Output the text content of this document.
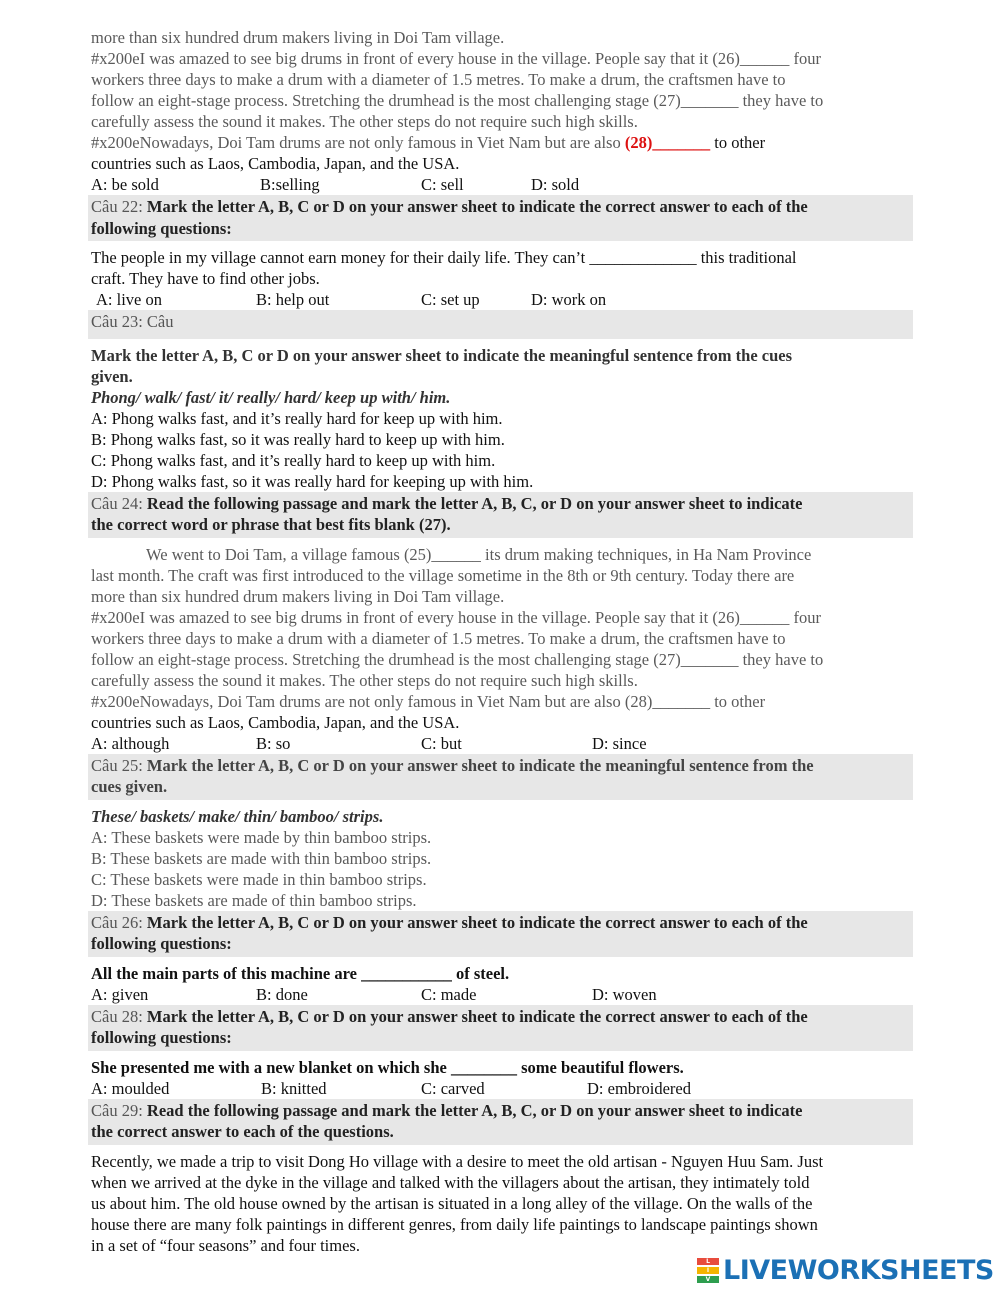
more than six hundred drum makers living in Doi Tam village.
#x200eI was amazed to see big drums in front of every house in the village. People say that it (26)______ four
workers three days to make a drum with a diameter of 1.5 metres. To make a drum, the craftsmen have to
follow an eight-stage process. Stretching the drumhead is the most challenging stage (27)_______ they have to
carefully assess the sound it makes. The other steps do not require such high skills.
#x200eNowadays, Doi Tam drums are not only famous in Viet Nam but are also (28)_______ to other
countries such as Laos, Cambodia, Japan, and the USA.
A: be sold	B:selling	C: sell	D: sold
Câu 22: Mark the letter A, B, C or D on your answer sheet to indicate the correct answer to each of the
following questions:
The people in my village cannot earn money for their daily life. They can’t _____________ this traditional
craft. They have to find other jobs.
A: live on	B: help out	C: set up	D: work on
Câu 23: Câu
Mark the letter A, B, C or D on your answer sheet to indicate the meaningful sentence from the cues
given.
Phong/ walk/ fast/ it/ really/ hard/ keep up with/ him.
A: Phong walks fast, and it’s really hard for keep up with him.
B: Phong walks fast, so it was really hard to keep up with him.
C: Phong walks fast, and it’s really hard to keep up with him.
D: Phong walks fast, so it was really hard for keeping up with him.
Câu 24: Read the following passage and mark the letter A, B, C, or D on your answer sheet to indicate
the correct word or phrase that best fits blank (27).
We went to Doi Tam, a village famous (25)______ its drum making techniques, in Ha Nam Province
last month. The craft was first introduced to the village sometime in the 8th or 9th century. Today there are
more than six hundred drum makers living in Doi Tam village.
#x200eI was amazed to see big drums in front of every house in the village. People say that it (26)______ four
workers three days to make a drum with a diameter of 1.5 metres. To make a drum, the craftsmen have to
follow an eight-stage process. Stretching the drumhead is the most challenging stage (27)_______ they have to
carefully assess the sound it makes. The other steps do not require such high skills.
#x200eNowadays, Doi Tam drums are not only famous in Viet Nam but are also (28)_______ to other
countries such as Laos, Cambodia, Japan, and the USA.
A: although	B: so	C: but	D: since
Câu 25: Mark the letter A, B, C or D on your answer sheet to indicate the meaningful sentence from the
cues given.
These/ baskets/ make/ thin/ bamboo/ strips.
A: These baskets were made by thin bamboo strips.
B: These baskets are made with thin bamboo strips.
C: These baskets were made in thin bamboo strips.
D: These baskets are made of thin bamboo strips.
Câu 26: Mark the letter A, B, C or D on your answer sheet to indicate the correct answer to each of the
following questions:
All the main parts of this machine are ___________ of steel.
A: given	B: done	C: made	D: woven
Câu 28: Mark the letter A, B, C or D on your answer sheet to indicate the correct answer to each of the
following questions:
She presented me with a new blanket on which she ________ some beautiful flowers.
A: moulded	B: knitted	C: carved	D: embroidered
Câu 29: Read the following passage and mark the letter A, B, C, or D on your answer sheet to indicate
the correct answer to each of the questions.
Recently, we made a trip to visit Dong Ho village with a desire to meet the old artisan - Nguyen Huu Sam. Just
when we arrived at the dyke in the village and talked with the villagers about the artisan, they intimately told
us about him. The old house owned by the artisan is situated in a long alley of the village. On the walls of the
house there are many folk paintings in different genres, from daily life paintings to landscape paintings shown
in a set of “four seasons” and four times.
L
I
V LIVEWORKSHEETS
